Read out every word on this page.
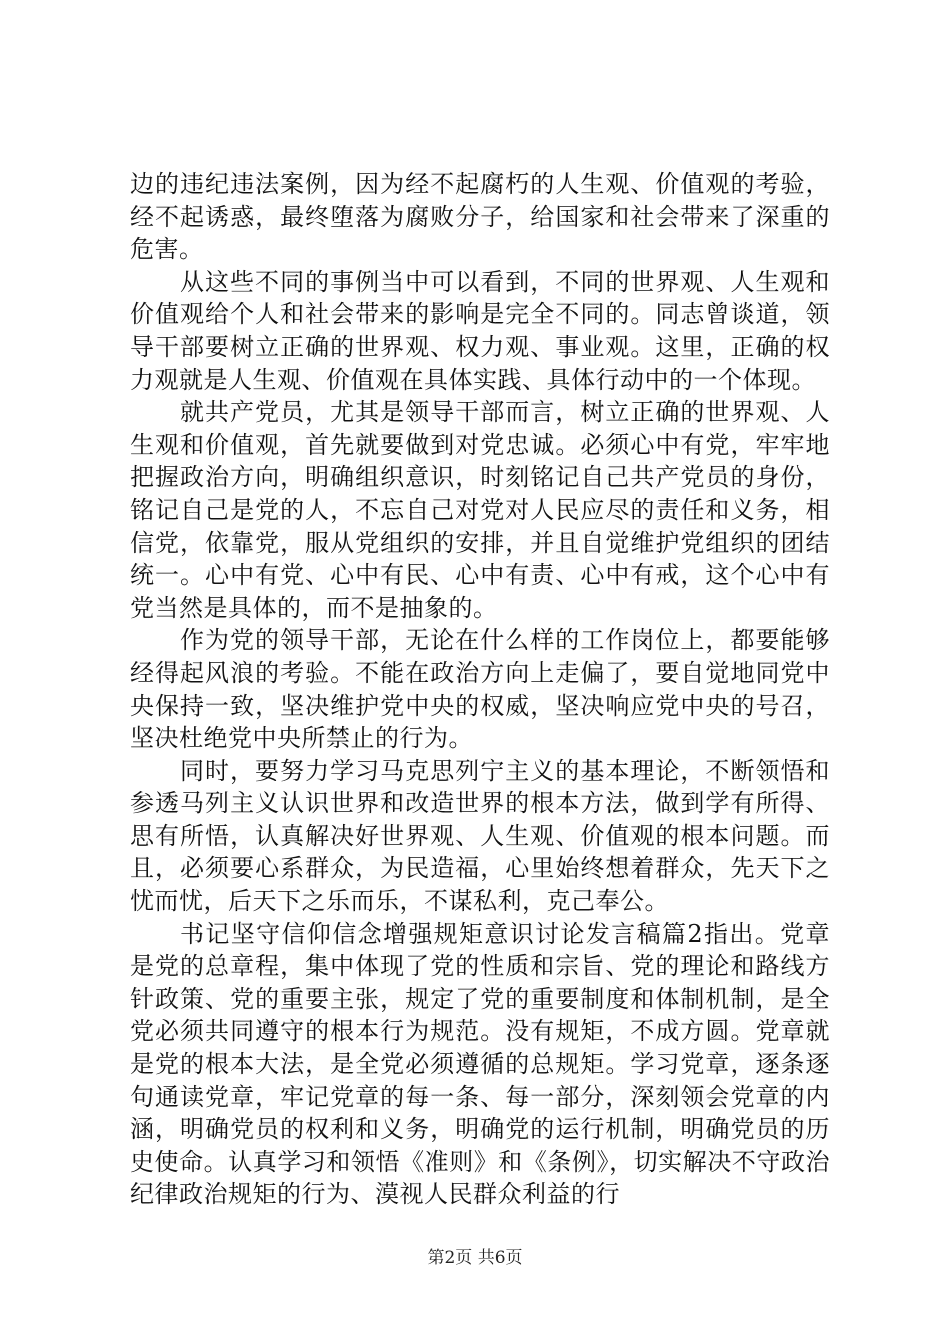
边的违纪违法案例，因为经不起腐朽的人生观、价值观的考验，经不起诱惑，最终堕落为腐败分子，给国家和社会带来了深重的危害。

从这些不同的事例当中可以看到，不同的世界观、人生观和价值观给个人和社会带来的影响是完全不同的。同志曾谈道，领导干部要树立正确的世界观、权力观、事业观。这里，正确的权力观就是人生观、价值观在具体实践、具体行动中的一个体现。

就共产党员，尤其是领导干部而言，树立正确的世界观、人生观和价值观，首先就要做到对党忠诚。必须心中有党，牢牢地把握政治方向，明确组织意识，时刻铭记自己共产党员的身份，铭记自己是党的人，不忘自己对党对人民应尽的责任和义务，相信党，依靠党，服从党组织的安排，并且自觉维护党组织的团结统一。心中有党、心中有民、心中有责、心中有戒，这个心中有党当然是具体的，而不是抽象的。

作为党的领导干部，无论在什么样的工作岗位上，都要能够经得起风浪的考验。不能在政治方向上走偏了，要自觉地同党中央保持一致，坚决维护党中央的权威，坚决响应党中央的号召，坚决杜绝党中央所禁止的行为。

同时，要努力学习马克思列宁主义的基本理论，不断领悟和参透马列主义认识世界和改造世界的根本方法，做到学有所得、思有所悟，认真解决好世界观、人生观、价值观的根本问题。而且，必须要心系群众，为民造福，心里始终想着群众，先天下之忧而忧，后天下之乐而乐，不谋私利，克己奉公。

书记坚守信仰信念增强规矩意识讨论发言稿篇2指出。党章是党的总章程，集中体现了党的性质和宗旨、党的理论和路线方针政策、党的重要主张，规定了党的重要制度和体制机制，是全党必须共同遵守的根本行为规范。没有规矩，不成方圆。党章就是党的根本大法，是全党必须遵循的总规矩。学习党章，逐条逐句通读党章，牢记党章的每一条、每一部分，深刻领会党章的内涵，明确党员的权利和义务，明确党的运行机制，明确党员的历史使命。认真学习和领悟《准则》和《条例》，切实解决不守政治纪律政治规矩的行为、漠视人民群众利益的行

第2页 共6页
